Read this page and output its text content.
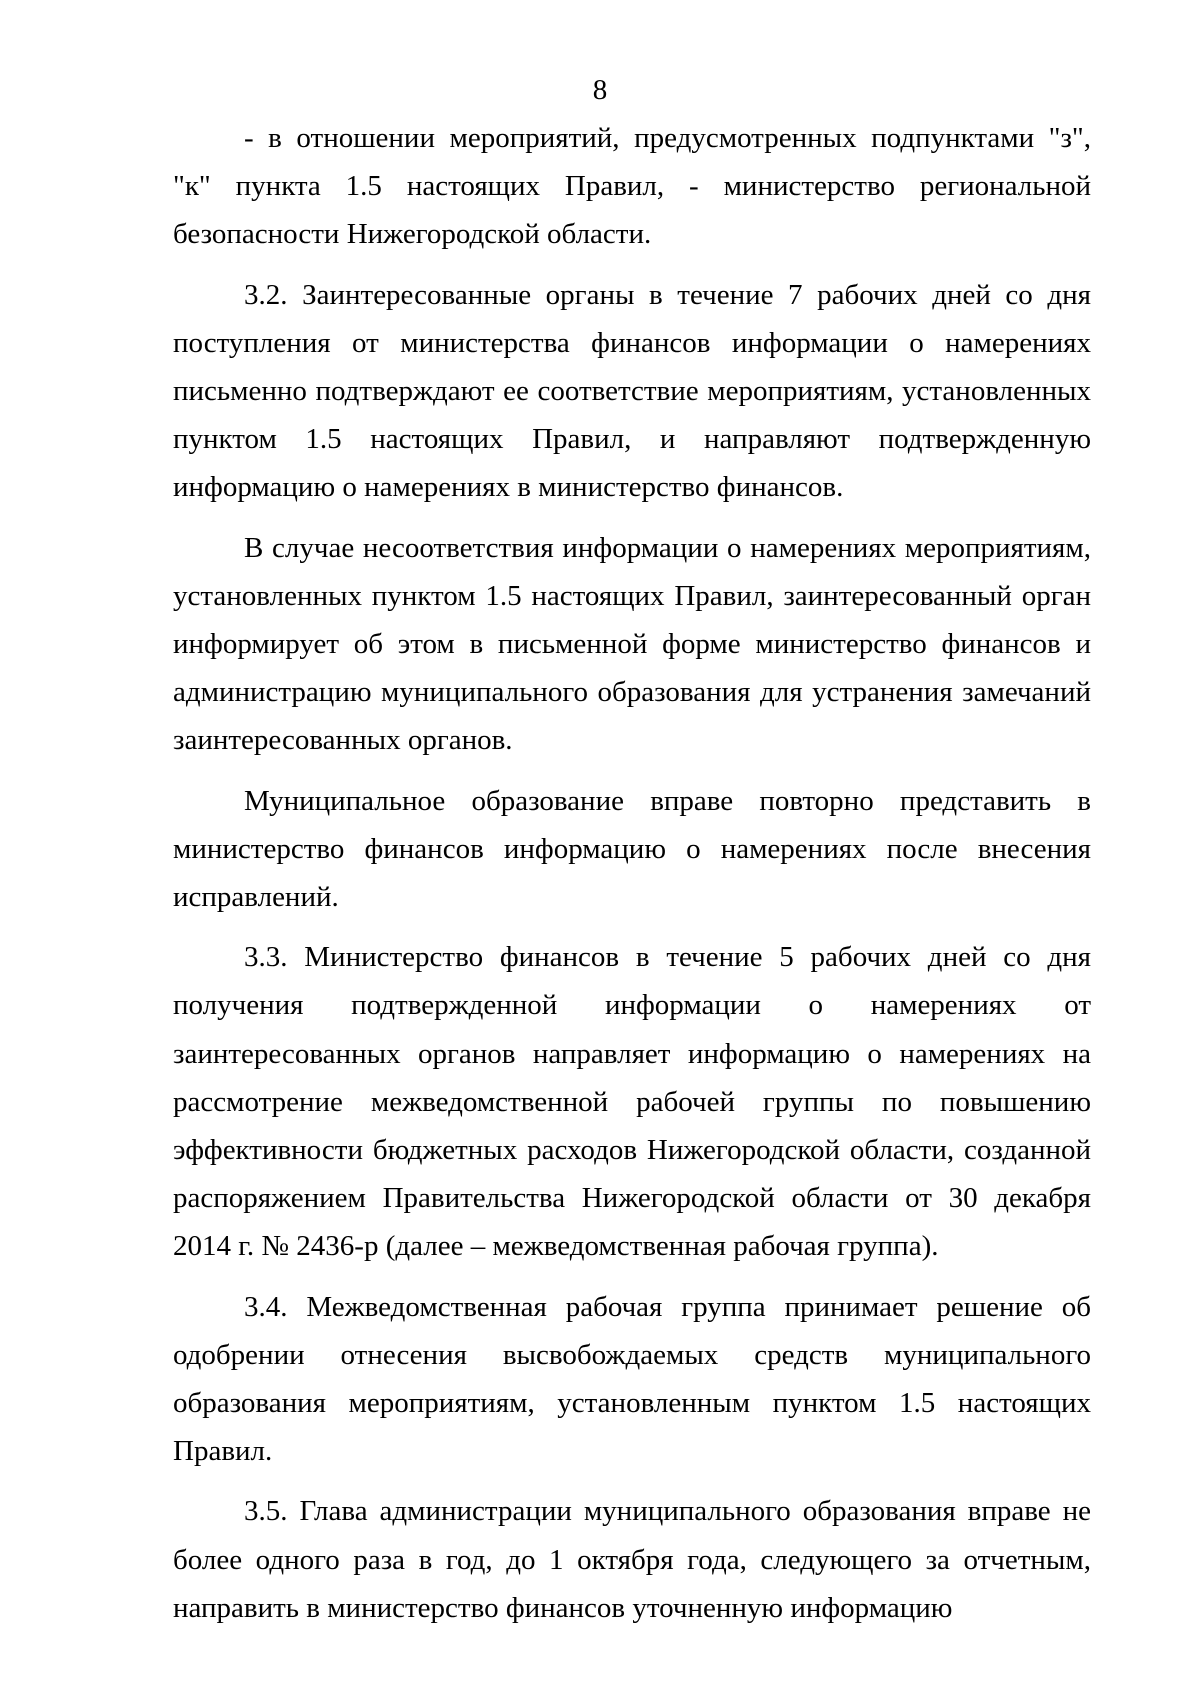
8

- в отношении мероприятий, предусмотренных подпунктами "з", "к" пункта 1.5 настоящих Правил, - министерство региональной безопасности Нижегородской области.

3.2. Заинтересованные органы в течение 7 рабочих дней со дня поступления от министерства финансов информации о намерениях письменно подтверждают ее соответствие мероприятиям, установленных пунктом 1.5 настоящих Правил, и направляют подтвержденную информацию о намерениях в министерство финансов.

В случае несоответствия информации о намерениях мероприятиям, установленных пунктом 1.5 настоящих Правил, заинтересованный орган информирует об этом в письменной форме министерство финансов и администрацию муниципального образования для устранения замечаний заинтересованных органов.

Муниципальное образование вправе повторно представить в министерство финансов информацию о намерениях после внесения исправлений.

3.3. Министерство финансов в течение 5 рабочих дней со дня получения подтвержденной информации о намерениях от заинтересованных органов направляет информацию о намерениях на рассмотрение межведомственной рабочей группы по повышению эффективности бюджетных расходов Нижегородской области, созданной распоряжением Правительства Нижегородской области от 30 декабря 2014 г. № 2436-р (далее – межведомственная рабочая группа).

3.4. Межведомственная рабочая группа принимает решение об одобрении отнесения высвобождаемых средств муниципального образования мероприятиям, установленным пунктом 1.5 настоящих Правил.

3.5. Глава администрации муниципального образования вправе не более одного раза в год, до 1 октября года, следующего за отчетным, направить в министерство финансов уточненную информацию
